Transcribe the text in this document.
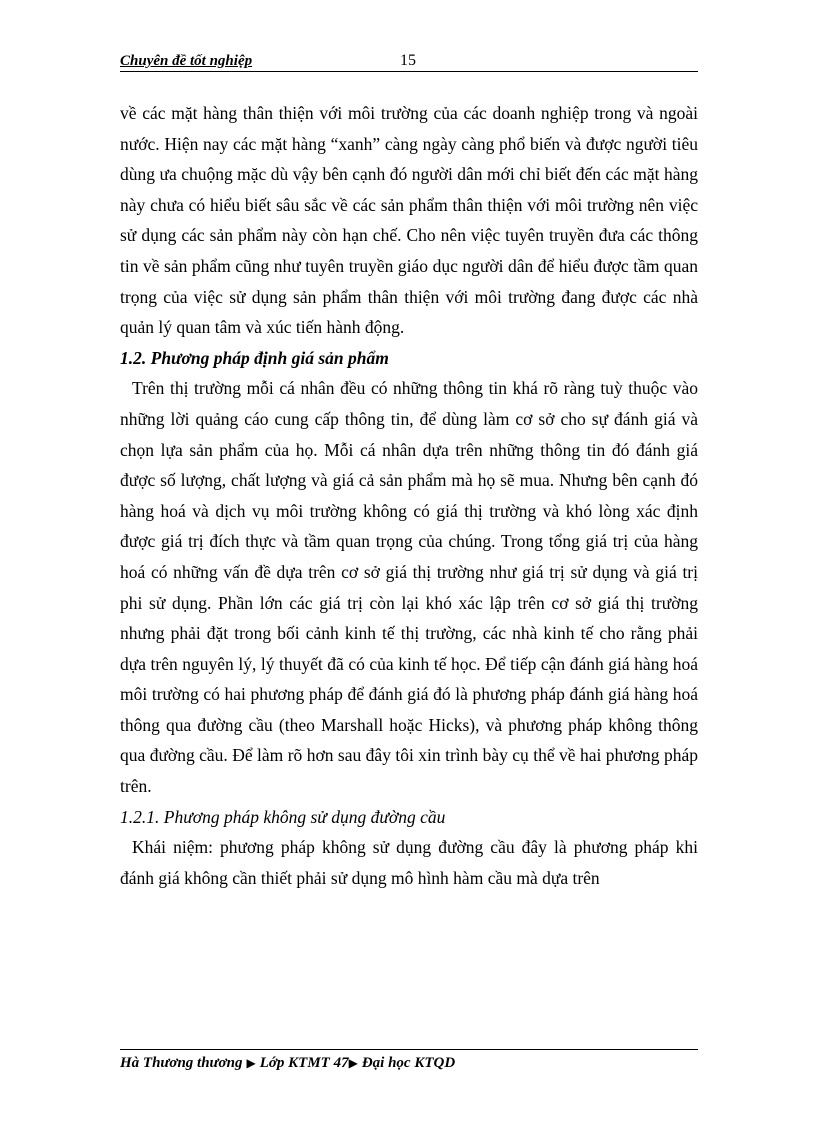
Chuyên đề tốt nghiệp	15

về các mặt hàng thân thiện với môi trường của các doanh nghiệp trong và ngoài nước. Hiện nay các mặt hàng “xanh” càng ngày càng phổ biến và được người tiêu dùng ưa chuộng mặc dù vậy bên cạnh đó người dân mới chỉ biết đến các mặt hàng này chưa có hiểu biết sâu sắc về các sản phẩm thân thiện với môi trường nên việc sử dụng các sản phẩm này còn hạn chế. Cho nên việc tuyên truyền đưa các thông tin về sản phẩm cũng như tuyên truyền giáo dục người dân để hiểu được tầm quan trọng của việc sử dụng sản phẩm thân thiện với môi trường đang được các nhà quản lý quan tâm và xúc tiến hành động.

1.2. Phương pháp định giá sản phẩm

Trên thị trường mỗi cá nhân đều có những thông tin khá rõ ràng tuỳ thuộc vào những lời quảng cáo cung cấp thông tin, để dùng làm cơ sở cho sự đánh giá và chọn lựa sản phẩm của họ. Mỗi cá nhân dựa trên những thông tin đó đánh giá được số lượng, chất lượng và giá cả sản phẩm mà họ sẽ mua. Nhưng bên cạnh đó hàng hoá và dịch vụ môi trường không có giá thị trường và khó lòng xác định được giá trị đích thực và tầm quan trọng của chúng. Trong tổng giá trị của hàng hoá có những vấn đề dựa trên cơ sở giá thị trường như giá trị sử dụng và giá trị phi sử dụng. Phần lớn các giá trị còn lại khó xác lập trên cơ sở giá thị trường nhưng phải đặt trong bối cảnh kinh tế thị trường, các nhà kinh tế cho rằng phải dựa trên nguyên lý, lý thuyết đã có của kinh tế học. Để tiếp cận đánh giá hàng hoá môi trường có hai phương pháp để đánh giá đó là phương pháp đánh giá hàng hoá thông qua đường cầu (theo Marshall hoặc Hicks), và phương pháp không thông qua đường cầu. Để làm rõ hơn sau đây tôi xin trình bày cụ thể về hai phương pháp trên.

1.2.1. Phương pháp không sử dụng đường cầu

Khái niệm: phương pháp không sử dụng đường cầu đây là phương pháp khi đánh giá không cần thiết phải sử dụng mô hình hàm cầu mà dựa trên

Hà Thương thương ▶ Lớp KTMT 47▶ Đại học KTQD
